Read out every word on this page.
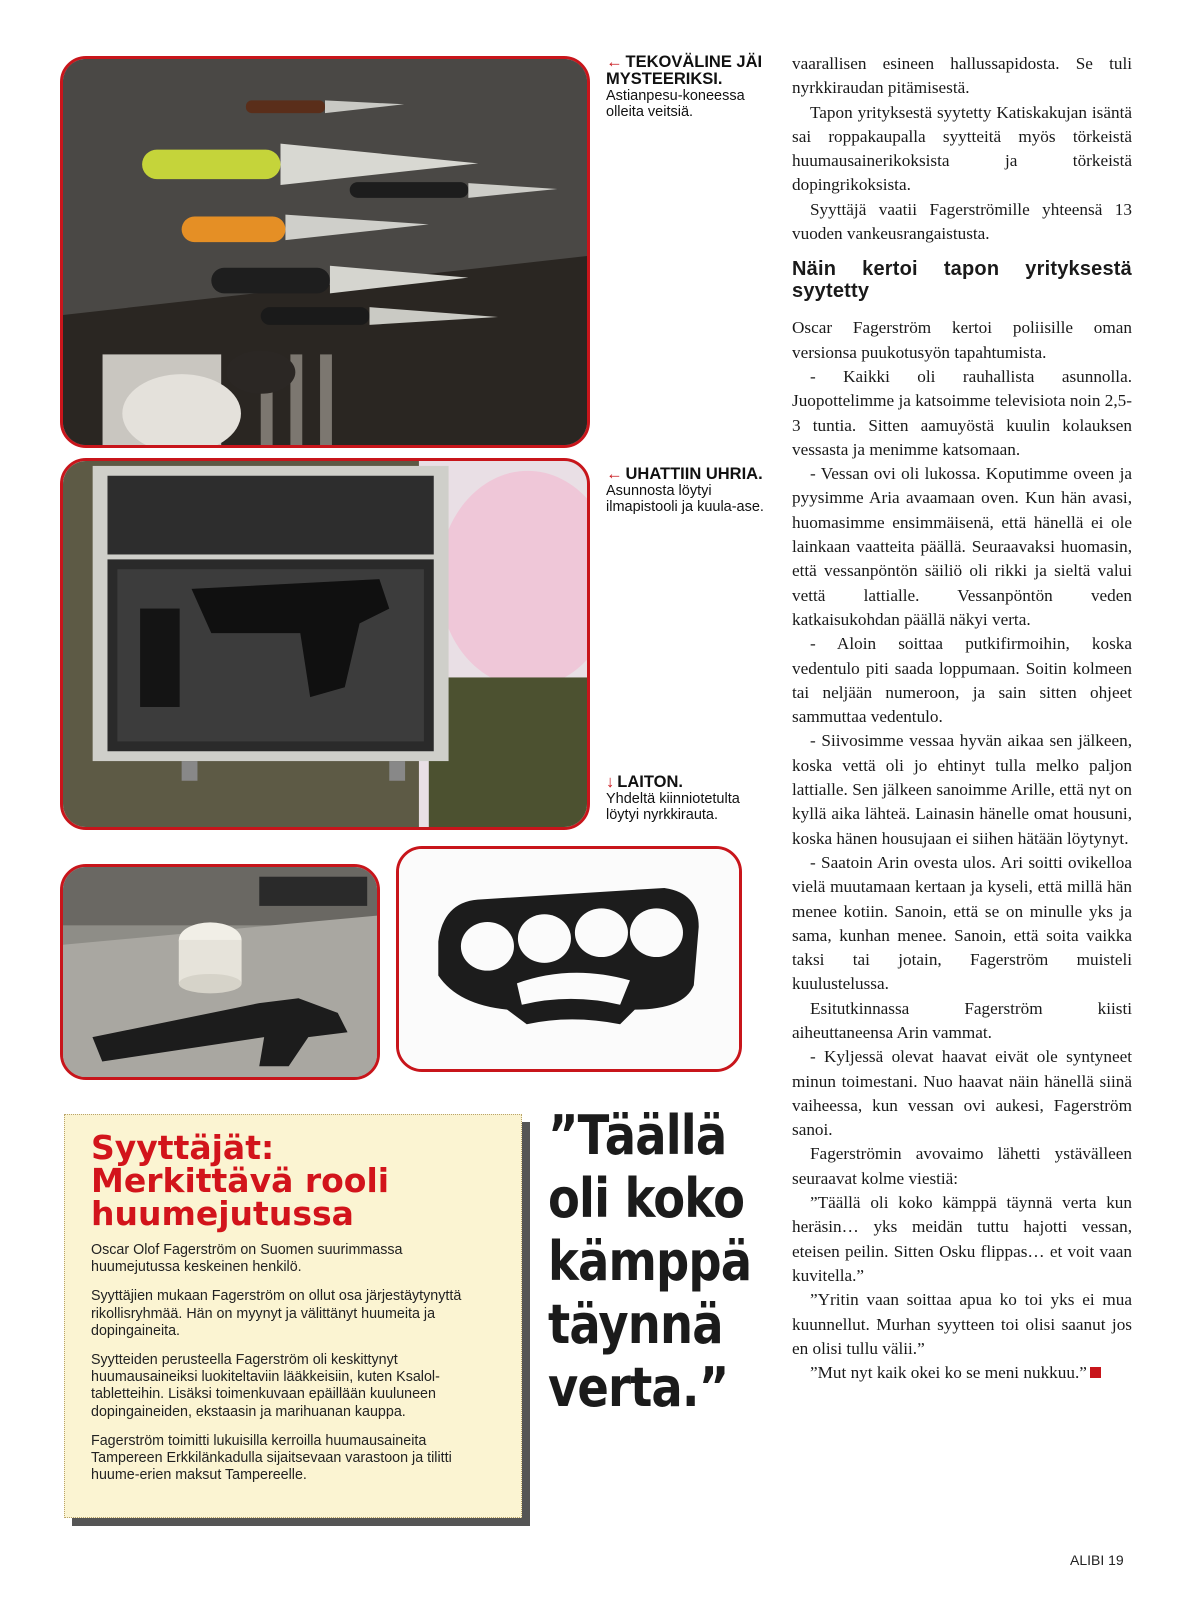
← TEKOVÄLINE JÄI MYSTEERIKSI.
Astianpesu-koneessa olleita veitsiä.
← UHATTIIN UHRIA.
Asunnosta löytyi ilmapistooli ja kuula-ase.
↓ LAITON.
Yhdeltä kiinniotetulta löytyi nyrkkirauta.

vaarallisen esineen hallussapidosta. Se tuli nyrkkiraudan pitämisestä.

Tapon yrityksestä syytetty Katiskakujan isäntä sai roppakaupalla syytteitä myös törkeistä huumausainerikoksista ja törkeistä dopingrikoksista.

Syyttäjä vaatii Fagerströmille yhteensä 13 vuoden vankeusrangaistusta.

Näin kertoi tapon yrityksestä syytetty

Oscar Fagerström kertoi poliisille oman versionsa puukotusyön tapahtumista.

- Kaikki oli rauhallista asunnolla. Juopottelimme ja katsoimme televisiota noin 2,5-3 tuntia. Sitten aamuyöstä kuulin kolauksen vessasta ja menimme katsomaan.

- Vessan ovi oli lukossa. Koputimme oveen ja pyysimme Aria avaamaan oven. Kun hän avasi, huomasimme ensimmäisenä, että hänellä ei ole lainkaan vaatteita päällä. Seuraavaksi huomasin, että vessanpöntön säiliö oli rikki ja sieltä valui vettä lattialle. Vessanpöntön veden katkaisukohdan päällä näkyi verta.

- Aloin soittaa putkifirmoihin, koska vedentulo piti saada loppumaan. Soitin kolmeen tai neljään numeroon, ja sain sitten ohjeet sammuttaa vedentulo.

- Siivosimme vessaa hyvän aikaa sen jälkeen, koska vettä oli jo ehtinyt tulla melko paljon lattialle. Sen jälkeen sanoimme Arille, että nyt on kyllä aika lähteä. Lainasin hänelle omat housuni, koska hänen housujaan ei siihen hätään löytynyt.

- Saatoin Arin ovesta ulos. Ari soitti ovikelloa vielä muutamaan kertaan ja kyseli, että millä hän menee kotiin. Sanoin, että se on minulle yks ja sama, kunhan menee. Sanoin, että soita vaikka taksi tai jotain, Fagerström muisteli kuulustelussa.

Esitutkinnassa Fagerström kiisti aiheuttaneensa Arin vammat.

- Kyljessä olevat haavat eivät ole syntyneet minun toimestani. Nuo haavat näin hänellä siinä vaiheessa, kun vessan ovi aukesi, Fagerström sanoi.

Fagerströmin avovaimo lähetti ystävälleen seuraavat kolme viestiä:

”Täällä oli koko kämppä täynnä verta kun heräsin… yks meidän tuttu hajotti vessan, eteisen peilin. Sitten Osku flippas… et voit vaan kuvitella.”

”Yritin vaan soittaa apua ko toi yks ei mua kuunnellut. Murhan syytteen toi olisi saanut jos en olisi tullu välii.”

”Mut nyt kaik okei ko se meni nukkuu.”

Syyttäjät:
Merkittävä rooli
huumejutussa

Oscar Olof Fagerström on Suomen suurimmassa huumejutussa keskeinen henkilö.

Syyttäjien mukaan Fagerström on ollut osa järjestäytynyttä rikollisryhmää. Hän on myynyt ja välittänyt huumeita ja dopingaineita.

Syytteiden perusteella Fagerström oli keskittynyt huumausaineiksi luokiteltaviin lääkkeisiin, kuten Ksalol-tabletteihin. Lisäksi toimenkuvaan epäillään kuuluneen dopingaineiden, ekstaasin ja marihuanan kauppa.

Fagerström toimitti lukuisilla kerroilla huumausaineita Tampereen Erkkilänkadulla sijaitsevaan varastoon ja tilitti huume-erien maksut Tampereelle.

”Täällä
oli koko
kämppä
täynnä
verta.”
ALIBI 19
